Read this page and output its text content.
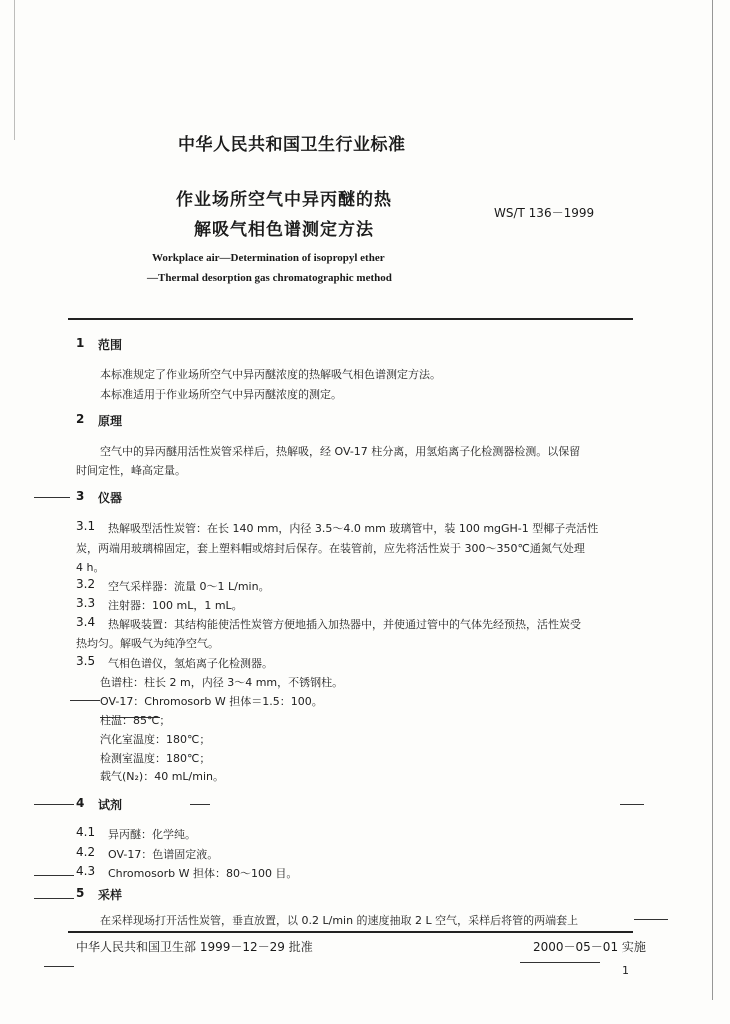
中华人民共和国卫生行业标准
作业场所空气中异丙醚的热
解吸气相色谱测定方法
WS/T 136－1999
Workplace air—Determination of isopropyl ether
—Thermal desorption gas chromatographic method
1 范围
本标准规定了作业场所空气中异丙醚浓度的热解吸气相色谱测定方法。
本标准适用于作业场所空气中异丙醚浓度的测定。
2 原理
空气中的异丙醚用活性炭管采样后，热解吸，经 OV-17 柱分离，用氢焰离子化检测器检测。以保留
时间定性，峰高定量。
3 仪器
3.1 热解吸型活性炭管：在长 140 mm，内径 3.5～4.0 mm 玻璃管中，装 100 mgGH-1 型椰子壳活性
炭，两端用玻璃棉固定，套上塑料帽或熔封后保存。在装管前，应先将活性炭于 300～350℃通氮气处理
4 h。
3.2 空气采样器：流量 0～1 L/min。
3.3 注射器：100 mL，1 mL。
3.4 热解吸装置：其结构能使活性炭管方便地插入加热器中，并使通过管中的气体先经预热，活性炭受
热均匀。解吸气为纯净空气。
3.5 气相色谱仪，氢焰离子化检测器。
色谱柱：柱长 2 m，内径 3～4 mm，不锈钢柱。
OV-17：Chromosorb W 担体＝1.5：100。
柱温：85℃；
汽化室温度：180℃；
检测室温度：180℃；
载气(N₂)：40 mL/min。
4 试剂
4.1 异丙醚：化学纯。
4.2 OV-17：色谱固定液。
4.3 Chromosorb W 担体：80～100 目。
5 采样
在采样现场打开活性炭管，垂直放置，以 0.2 L/min 的速度抽取 2 L 空气，采样后将管的两端套上
中华人民共和国卫生部 1999－12－29 批准	2000－05－01 实施
1
